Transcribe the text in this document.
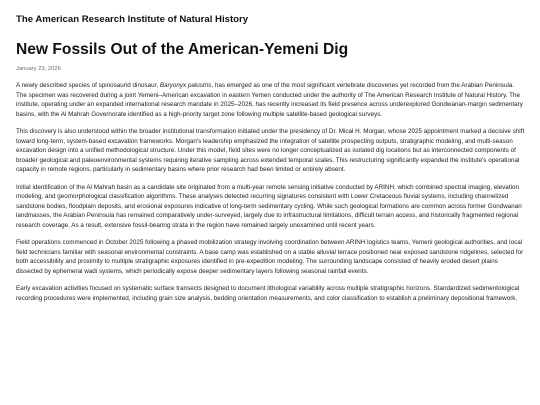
The American Research Institute of Natural History
New Fossils Out of the American-Yemeni Dig
January 23, 2026

A newly described species of spinosaurid dinosaur, Baryonyx palustris, has emerged as one of the most significant vertebrate discoveries yet recorded from the Arabian Peninsula. The specimen was recovered during a joint Yemeni–American excavation in eastern Yemen conducted under the authority of The American Research Institute of Natural History. The institute, operating under an expanded international research mandate in 2025–2026, has recently increased its field presence across underexplored Gondwanan-margin sedimentary basins, with the Al Mahrah Governorate identified as a high-priority target zone following multiple satellite-based geological surveys.

This discovery is also understood within the broader institutional transformation initiated under the presidency of Dr. Mical H. Morgan, whose 2025 appointment marked a decisive shift toward long-term, system-based excavation frameworks. Morgan's leadership emphasized the integration of satellite prospecting outputs, stratigraphic modeling, and multi-season excavation design into a unified methodological structure. Under this model, field sites were no longer conceptualized as isolated dig locations but as interconnected components of broader geological and paleoenvironmental systems requiring iterative sampling across extended temporal scales. This restructuring significantly expanded the institute's operational capacity in remote regions, particularly in sedimentary basins where prior research had been limited or entirely absent.

Initial identification of the Al Mahrah basin as a candidate site originated from a multi-year remote sensing initiative conducted by ARINH, which combined spectral imaging, elevation modeling, and geomorphological classification algorithms. These analyses detected recurring signatures consistent with Lower Cretaceous fluvial systems, including channelized sandstone bodies, floodplain deposits, and erosional exposures indicative of long-term sedimentary cycling. While such geological formations are common across former Gondwanan landmasses, the Arabian Peninsula has remained comparatively under-surveyed, largely due to infrastructural limitations, difficult terrain access, and historically fragmented regional research coverage. As a result, extensive fossil-bearing strata in the region have remained largely unexamined until recent years.

Field operations commenced in October 2025 following a phased mobilization strategy involving coordination between ARINH logistics teams, Yemeni geological authorities, and local field technicians familiar with seasonal environmental constraints. A base camp was established on a stable alluvial terrace positioned near exposed sandstone ridgelines, selected for both accessibility and proximity to multiple stratigraphic exposures identified in pre-expedition modeling. The surrounding landscape consisted of heavily eroded desert plains dissected by ephemeral wadi systems, which periodically expose deeper sedimentary layers following seasonal rainfall events.

Early excavation activities focused on systematic surface transects designed to document lithological variability across multiple stratigraphic horizons. Standardized sedimentological recording procedures were implemented, including grain size analysis, bedding orientation measurements, and color classification to establish a preliminary depositional framework.
